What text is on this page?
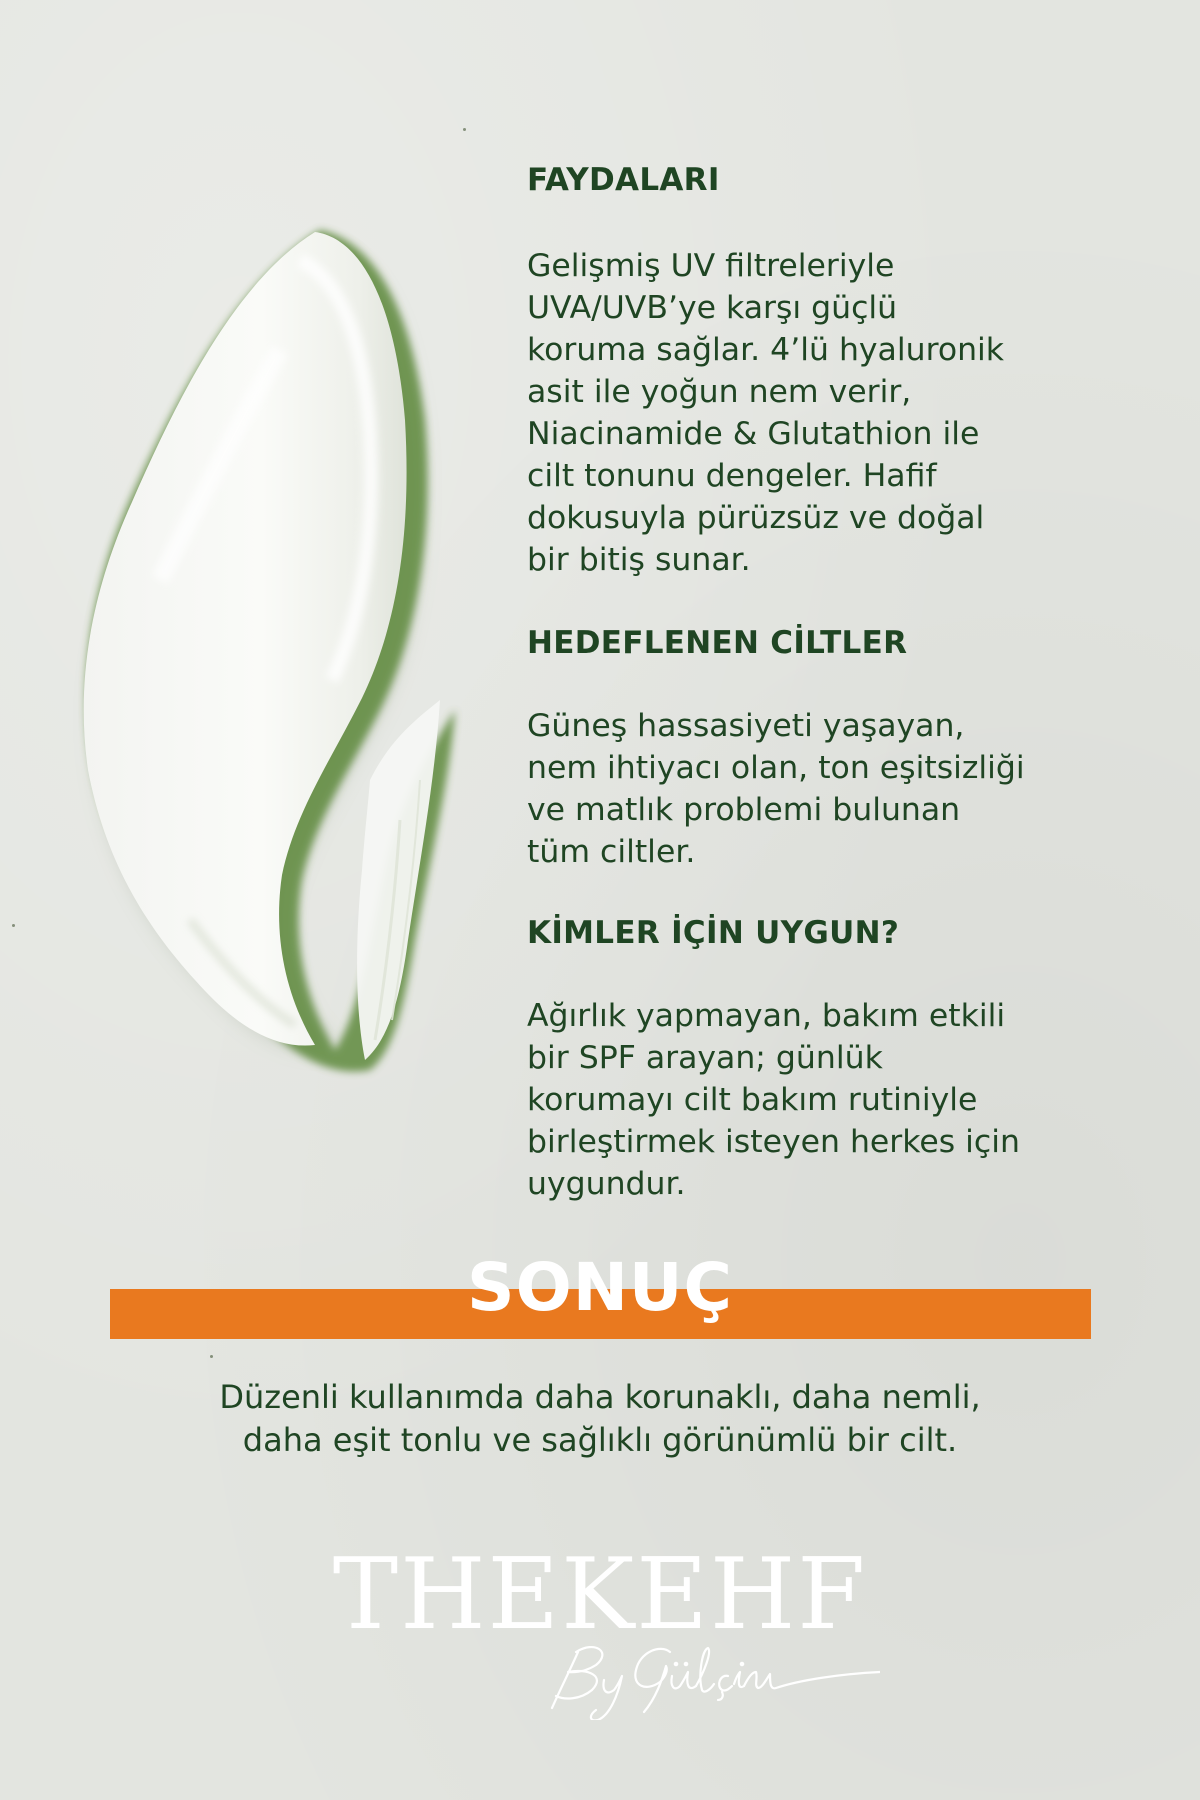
FAYDALARI

Gelişmiş UV filtreleriyle
UVA/UVB’ye karşı güçlü
koruma sağlar. 4’lü hyaluronik
asit ile yoğun nem verir,
Niacinamide & Glutathion ile
cilt tonunu dengeler. Hafif
dokusuyla pürüzsüz ve doğal
bir bitiş sunar.

HEDEFLENEN CİLTLER

Güneş hassasiyeti yaşayan,
nem ihtiyacı olan, ton eşitsizliği
ve matlık problemi bulunan
tüm ciltler.

KİMLER İÇİN UYGUN?

Ağırlık yapmayan, bakım etkili
bir SPF arayan; günlük
korumayı cilt bakım rutiniyle
birleştirmek isteyen herkes için
uygundur.

SONUÇ

Düzenli kullanımda daha korunaklı, daha nemli,
daha eşit tonlu ve sağlıklı görünümlü bir cilt.

THEKEHF
